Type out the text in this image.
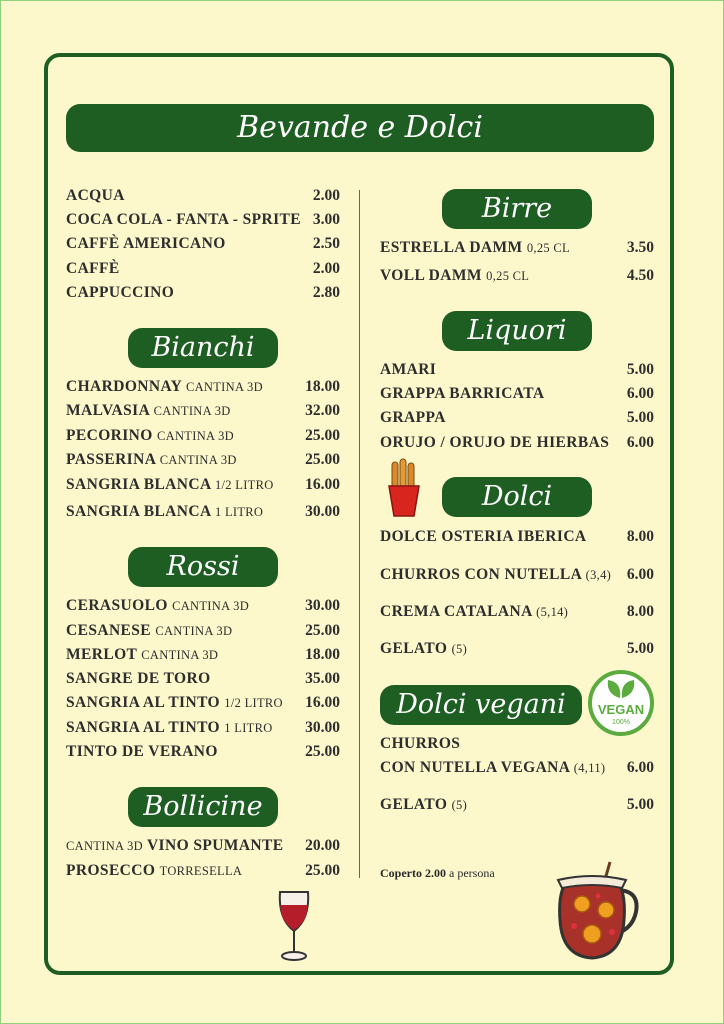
Bevande e Dolci
ACQUA	2.00
COCA COLA - FANTA - SPRITE 3.00
CAFFÈ AMERICANO	2.50
CAFFÈ	2.00
CAPPUCCINO	2.80
Bianchi
CHARDONNAY CANTINA 3D	18.00
MALVASIA CANTINA 3D	32.00
PECORINO CANTINA 3D	25.00
PASSERINA CANTINA 3D	25.00
SANGRIA BLANCA 1/2 LITRO	16.00
SANGRIA BLANCA 1 LITRO	30.00
Rossi
CERASUOLO CANTINA 3D	30.00
CESANESE CANTINA 3D	25.00
MERLOT CANTINA 3D	18.00
SANGRE DE TORO	35.00
SANGRIA AL TINTO 1/2 LITRO	16.00
SANGRIA AL TINTO 1 LITRO	30.00
TINTO DE VERANO	25.00
Bollicine
CANTINA 3D VINO SPUMANTE	20.00
PROSECCO TORRESELLA	25.00
Birre
ESTRELLA DAMM 0,25 CL	3.50
VOLL DAMM 0,25 CL	4.50
Liquori
AMARI	5.00
GRAPPA BARRICATA	6.00
GRAPPA	5.00
ORUJO / ORUJO DE HIERBAS	6.00
Dolci
DOLCE OSTERIA IBERICA	8.00
CHURROS CON NUTELLA (3,4)	6.00
CREMA CATALANA (5,14)	8.00
GELATO (5)	5.00
Dolci vegani	VEGAN
100%
CHURROS
CON NUTELLA VEGANA (4,11)	6.00
GELATO (5)	5.00
Coperto 2.00 a persona
